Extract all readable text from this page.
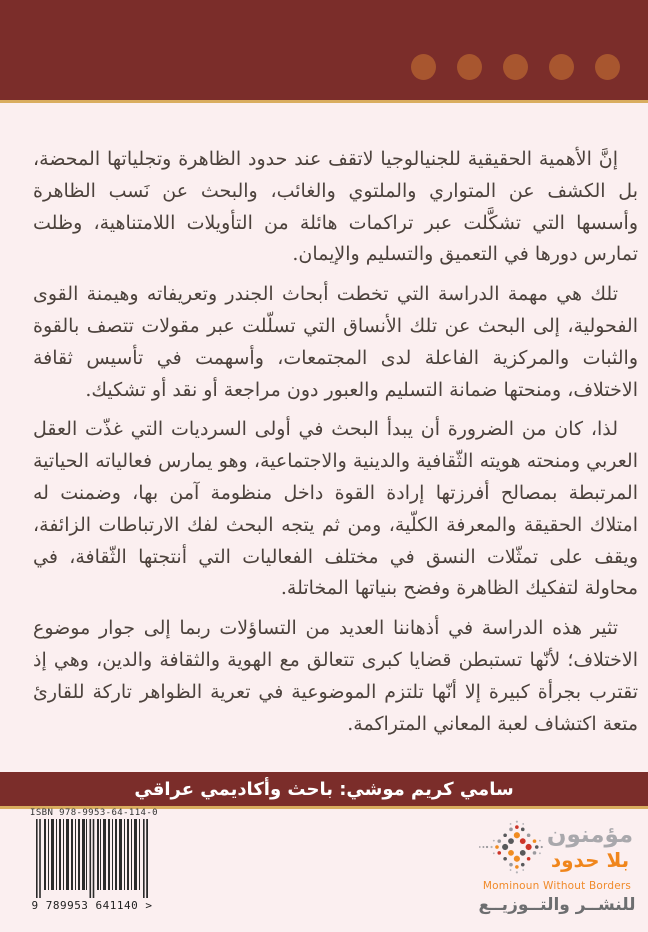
إنَّ الأهمية الحقيقية للجنيالوجيا لاتقف عند حدود الظاهرة وتجلياتها المحضة، بل الكشف عن المتواري والملتوي والغائب، والبحث عن نَسب الظاهرة وأسسها التي تشكَّلت عبر تراكمات هائلة من التأويلات اللامتناهية، وظلت تمارس دورها في التعميق والتسليم والإيمان.

تلك هي مهمة الدراسة التي تخطت أبحاث الجندر وتعريفاته وهيمنة القوى الفحولية، إلى البحث عن تلك الأنساق التي تسلّلت عبر مقولات تتصف بالقوة والثبات والمركزية الفاعلة لدى المجتمعات، وأسهمت في تأسيس ثقافة الاختلاف، ومنحتها ضمانة التسليم والعبور دون مراجعة أو نقد أو تشكيك.

لذا، كان من الضرورة أن يبدأ البحث في أولى السرديات التي غذّت العقل العربي ومنحته هويته الثّقافية والدينية والاجتماعية، وهو يمارس فعالياته الحياتية المرتبطة بمصالح أفرزتها إرادة القوة داخل منظومة آمن بها، وضمنت له امتلاك الحقيقة والمعرفة الكلّية، ومن ثم يتجه البحث لفك الارتباطات الزائفة، ويقف على تمثّلات النسق في مختلف الفعاليات التي أنتجتها الثّقافة، في محاولة لتفكيك الظاهرة وفضح بنياتها المخاتلة.

تثير هذه الدراسة في أذهاننا العديد من التساؤلات ربما إلى جوار موضوع الاختلاف؛ لأنّها تستبطن قضايا كبرى تتعالق مع الهوية والثقافة والدين، وهي إذ تقترب بجرأة كبيرة إلا أنّها تلتزم الموضوعية في تعرية الظواهر تاركة للقارئ متعة اكتشاف لعبة المعاني المتراكمة.

سامي كريم موشي: باحث وأكاديمي عراقي
ISBN 978-9953-64-114-0
9 789953 641140 >
مؤمنون
بلا حدود
Mominoun Without Borders
للنشــر والتــوزيــع
